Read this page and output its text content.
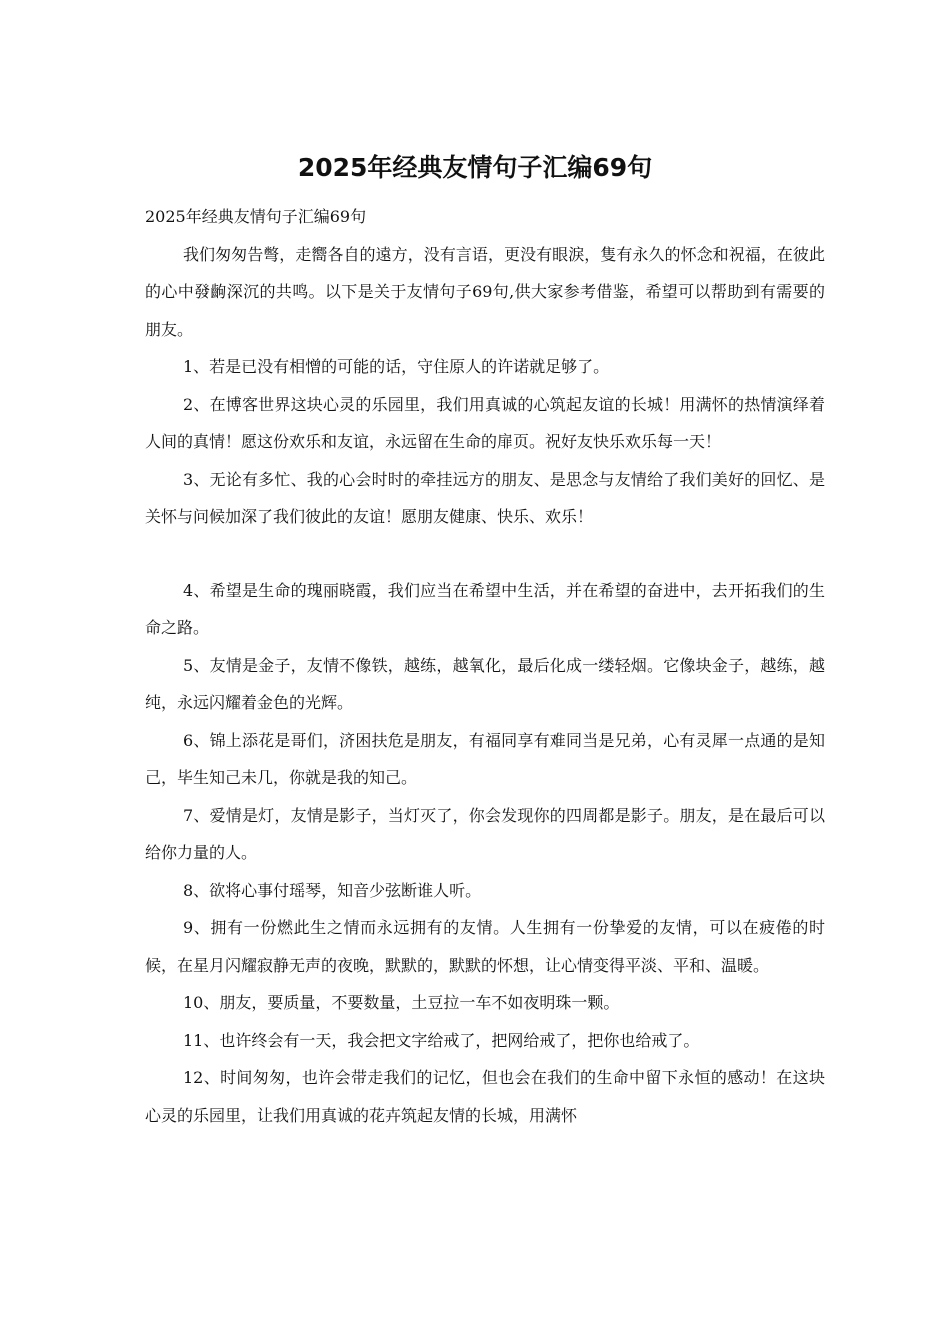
2025年经典友情句子汇编69句

2025年经典友情句子汇编69句

我们匆匆告彆，走嚮各自的遠方，没有言语，更没有眼淚，隻有永久的怀念和祝福，在彼此的心中發齣深沉的共鸣。以下是关于友情句子69句,供大家参考借鉴，希望可以帮助到有需要的朋友。

1、若是已没有相憎的可能的话，守住原人的许诺就足够了。

2、在博客世界这块心灵的乐园里，我们用真诚的心筑起友谊的长城！用满怀的热情演绎着人间的真情！愿这份欢乐和友谊，永远留在生命的扉页。祝好友快乐欢乐每一天！

3、无论有多忙、我的心会时时的牵挂远方的朋友、是思念与友情给了我们美好的回忆、是关怀与问候加深了我们彼此的友谊！愿朋友健康、快乐、欢乐！

4、希望是生命的瑰丽晓霞，我们应当在希望中生活，并在希望的奋进中，去开拓我们的生命之路。

5、友情是金子，友情不像铁，越练，越氧化，最后化成一缕轻烟。它像块金子，越练，越纯，永远闪耀着金色的光辉。

6、锦上添花是哥们，济困扶危是朋友，有福同享有难同当是兄弟，心有灵犀一点通的是知己，毕生知己未几，你就是我的知己。

7、爱情是灯，友情是影子，当灯灭了，你会发现你的四周都是影子。朋友，是在最后可以给你力量的人。

8、欲将心事付瑶琴，知音少弦断谁人听。

9、拥有一份燃此生之情而永远拥有的友情。人生拥有一份挚爱的友情，可以在疲倦的时候，在星月闪耀寂静无声的夜晚，默默的，默默的怀想，让心情变得平淡、平和、温暖。

10、朋友，要质量，不要数量，土豆拉一车不如夜明珠一颗。

11、也许终会有一天，我会把文字给戒了，把网给戒了，把你也给戒了。

12、时间匆匆，也许会带走我们的记忆，但也会在我们的生命中留下永恒的感动！在这块心灵的乐园里，让我们用真诚的花卉筑起友情的长城，用满怀
